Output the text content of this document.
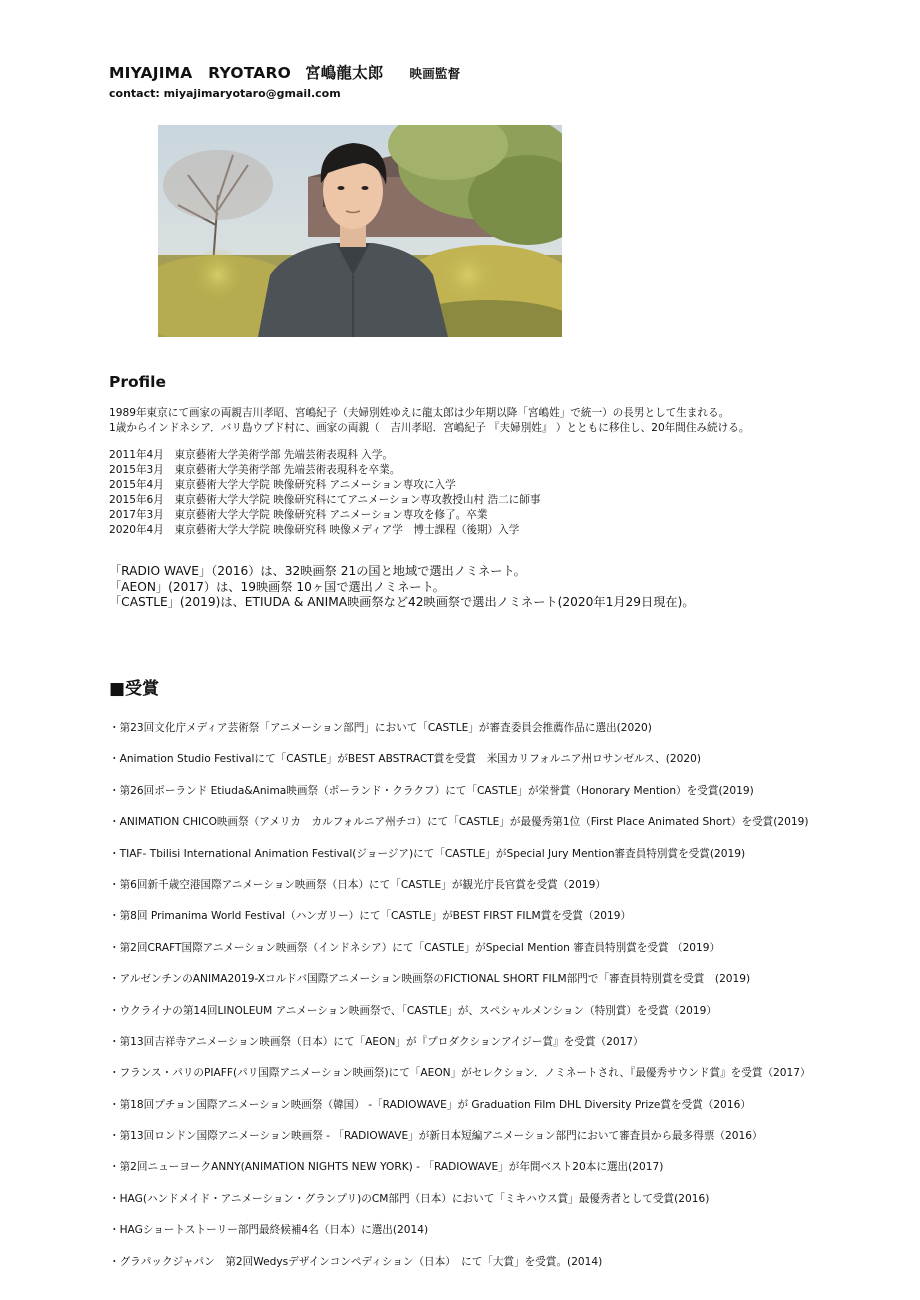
MIYAJIMA　RYOTARO 宮嶋龍太郎 映画監督
contact: miyajimaryotaro@gmail.com
Profile
1989年東京にて画家の両親吉川孝昭、宮嶋紀子（夫婦別姓ゆえに龍太郎は少年期以降「宮嶋姓」で統一）の長男として生まれる。
1歳からインドネシア．バリ島ウブド村に、画家の両親（　吉川孝昭．宮嶋紀子 『夫婦別姓』 ）とともに移住し、20年間住み続ける。
2011年4月　東京藝術大学美術学部 先端芸術表現科 入学。
2015年3月　東京藝術大学美術学部 先端芸術表現科を卒業。
2015年4月　東京藝術大学大学院 映像研究科 アニメーション専攻に入学
2015年6月　東京藝術大学大学院 映像研究科にてアニメーション専攻教授山村 浩二に師事
2017年3月　東京藝術大学大学院 映像研究科 アニメーション専攻を修了。卒業
2020年4月　東京藝術大学大学院 映像研究科 映像メディア学　博士課程（後期）入学
「RADIO WAVE」（2016）は、32映画祭 21の国と地域で選出ノミネート。
「AEON」(2017）は、19映画祭 10ヶ国で選出ノミネート。
「CASTLE」(2019)は、ETIUDA & ANIMA映画祭など42映画祭で選出ノミネート(2020年1月29日現在)。
■受賞
・第23回文化庁メディア芸術祭「アニメーション部門」において「CASTLE」が審査委員会推薦作品に選出(2020)
・Animation Studio Festivalにて「CASTLE」がBEST ABSTRACT賞を受賞　米国カリフォルニア州ロサンゼルス、(2020)
・第26回ポーランド Etiuda&Anima映画祭（ポーランド・クラクフ）にて「CASTLE」が栄誉賞（Honorary Mention）を受賞(2019)
・ANIMATION CHICO映画祭（アメリカ　カルフォルニア州チコ）にて「CASTLE」が最優秀第1位（First Place Animated Short）を受賞(2019)
・TIAF- Tbilisi International Animation Festival(ジョージア)にて「CASTLE」がSpecial Jury Mention審査員特別賞を受賞(2019)
・第6回新千歳空港国際アニメーション映画祭（日本）にて「CASTLE」が観光庁長官賞を受賞（2019）
・第8回 Primanima World Festival（ハンガリー）にて「CASTLE」がBEST FIRST FILM賞を受賞（2019）
・第2回CRAFT国際アニメーション映画祭（インドネシア）にて「CASTLE」がSpecial Mention 審査員特別賞を受賞 （2019）
・アルゼンチンのANIMA2019-Xコルドバ国際アニメーション映画祭のFICTIONAL SHORT FILM部門で「審査員特別賞を受賞　(2019)
・ウクライナの第14回LINOLEUM アニメーション映画祭で、「CASTLE」が、スペシャルメンション（特別賞）を受賞（2019）
・第13回吉祥寺アニメーション映画祭（日本）にて「AEON」が『プロダクションアイジー賞』を受賞（2017）
・フランス・パリのPIAFF(パリ国際アニメーション映画祭)にて「AEON」がセレクション．ノミネートされ、『最優秀サウンド賞』を受賞（2017）
・第18回プチョン国際アニメーション映画祭（韓国） -「RADIOWAVE」が Graduation Film DHL Diversity Prize賞を受賞（2016）
・第13回ロンドン国際アニメーション映画祭 - 「RADIOWAVE」が新日本短編アニメーション部門において審査員から最多得票（2016）
・第2回ニューヨークANNY(ANIMATION NIGHTS NEW YORK) - 「RADIOWAVE」が年間ベスト20本に選出(2017)
・HAG(ハンドメイド・アニメーション・グランプリ)のCM部門（日本）において「ミキハウス賞」最優秀者として受賞(2016)
・HAGショートストーリー部門最終候補4名（日本）に選出(2014)
・グラパックジャパン　第2回Wedysデザインコンペディション（日本）　にて「大賞」を受賞。(2014)
